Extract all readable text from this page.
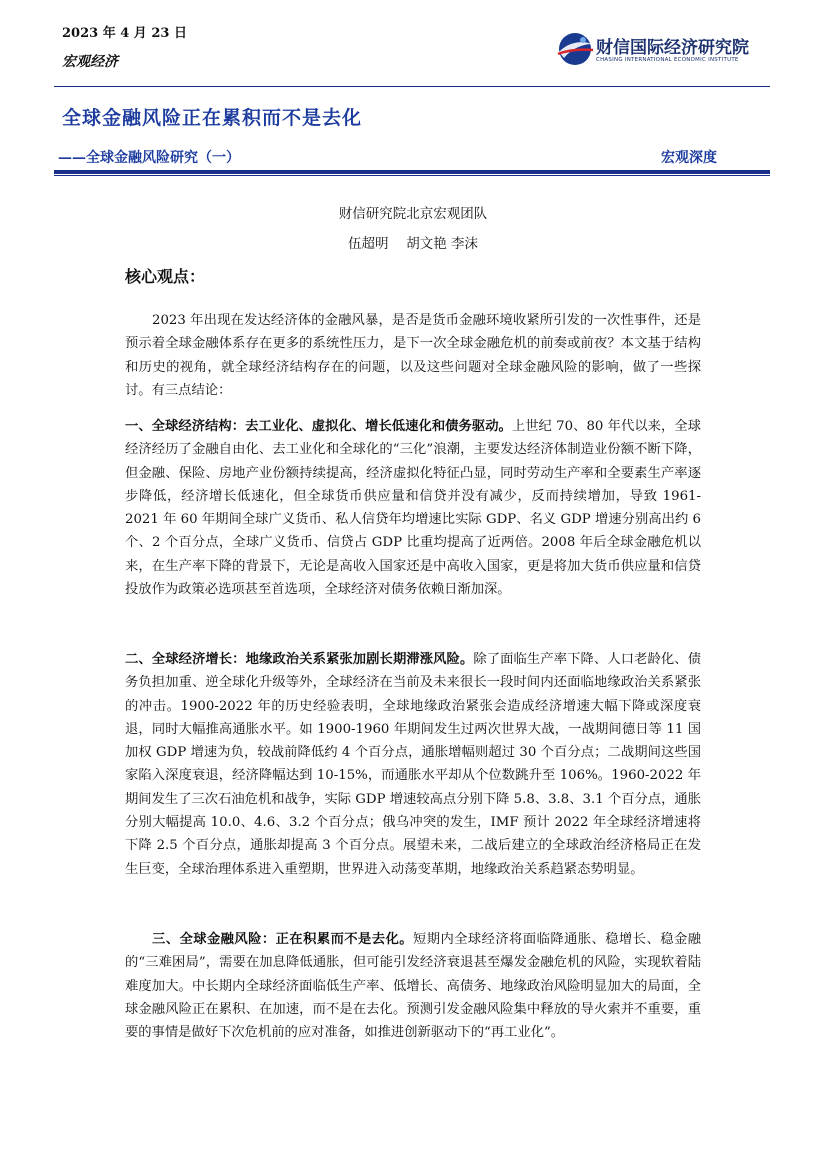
2023 年 4 月 23 日
宏观经济
财信国际经济研究院
CHASING INTERNATIONAL ECONOMIC INSTITUTE
全球金融风险正在累积而不是去化
——全球金融风险研究（一）	宏观深度
财信研究院北京宏观团队
伍超明　 胡文艳 李沫
核心观点：

2023 年出现在发达经济体的金融风暴，是否是货币金融环境收紧所引发的一次性事件，还是预示着全球金融体系存在更多的系统性压力，是下一次全球金融危机的前奏或前夜？本文基于结构和历史的视角，就全球经济结构存在的问题，以及这些问题对全球金融风险的影响，做了一些探讨。有三点结论：

一、全球经济结构：去工业化、虚拟化、增长低速化和债务驱动。上世纪 70、80 年代以来，全球经济经历了金融自由化、去工业化和全球化的“三化”浪潮，主要发达经济体制造业份额不断下降，但金融、保险、房地产业份额持续提高，经济虚拟化特征凸显，同时劳动生产率和全要素生产率逐步降低，经济增长低速化，但全球货币供应量和信贷并没有减少，反而持续增加，导致 1961-2021 年 60 年期间全球广义货币、私人信贷年均增速比实际 GDP、名义 GDP 增速分别高出约 6 个、2 个百分点，全球广义货币、信贷占 GDP 比重均提高了近两倍。2008 年后全球金融危机以来，在生产率下降的背景下，无论是高收入国家还是中高收入国家，更是将加大货币供应量和信贷投放作为政策必选项甚至首选项，全球经济对债务依赖日渐加深。

二、全球经济增长：地缘政治关系紧张加剧长期滞涨风险。除了面临生产率下降、人口老龄化、债务负担加重、逆全球化升级等外，全球经济在当前及未来很长一段时间内还面临地缘政治关系紧张的冲击。1900-2022 年的历史经验表明，全球地缘政治紧张会造成经济增速大幅下降或深度衰退，同时大幅推高通胀水平。如 1900-1960 年期间发生过两次世界大战，一战期间德日等 11 国加权 GDP 增速为负，较战前降低约 4 个百分点，通胀增幅则超过 30 个百分点；二战期间这些国家陷入深度衰退，经济降幅达到 10-15%，而通胀水平却从个位数跳升至 106%。1960-2022 年期间发生了三次石油危机和战争，实际 GDP 增速较高点分别下降 5.8、3.8、3.1 个百分点，通胀分别大幅提高 10.0、4.6、3.2 个百分点；俄乌冲突的发生，IMF 预计 2022 年全球经济增速将下降 2.5 个百分点，通胀却提高 3 个百分点。展望未来，二战后建立的全球政治经济格局正在发生巨变，全球治理体系进入重塑期，世界进入动荡变革期，地缘政治关系趋紧态势明显。

三、全球金融风险：正在积累而不是去化。短期内全球经济将面临降通胀、稳增长、稳金融的“三难困局”，需要在加息降低通胀，但可能引发经济衰退甚至爆发金融危机的风险，实现软着陆难度加大。中长期内全球经济面临低生产率、低增长、高债务、地缘政治风险明显加大的局面，全球金融风险正在累积、在加速，而不是在去化。预测引发金融风险集中释放的导火索并不重要，重要的事情是做好下次危机前的应对准备，如推进创新驱动下的“再工业化”。
